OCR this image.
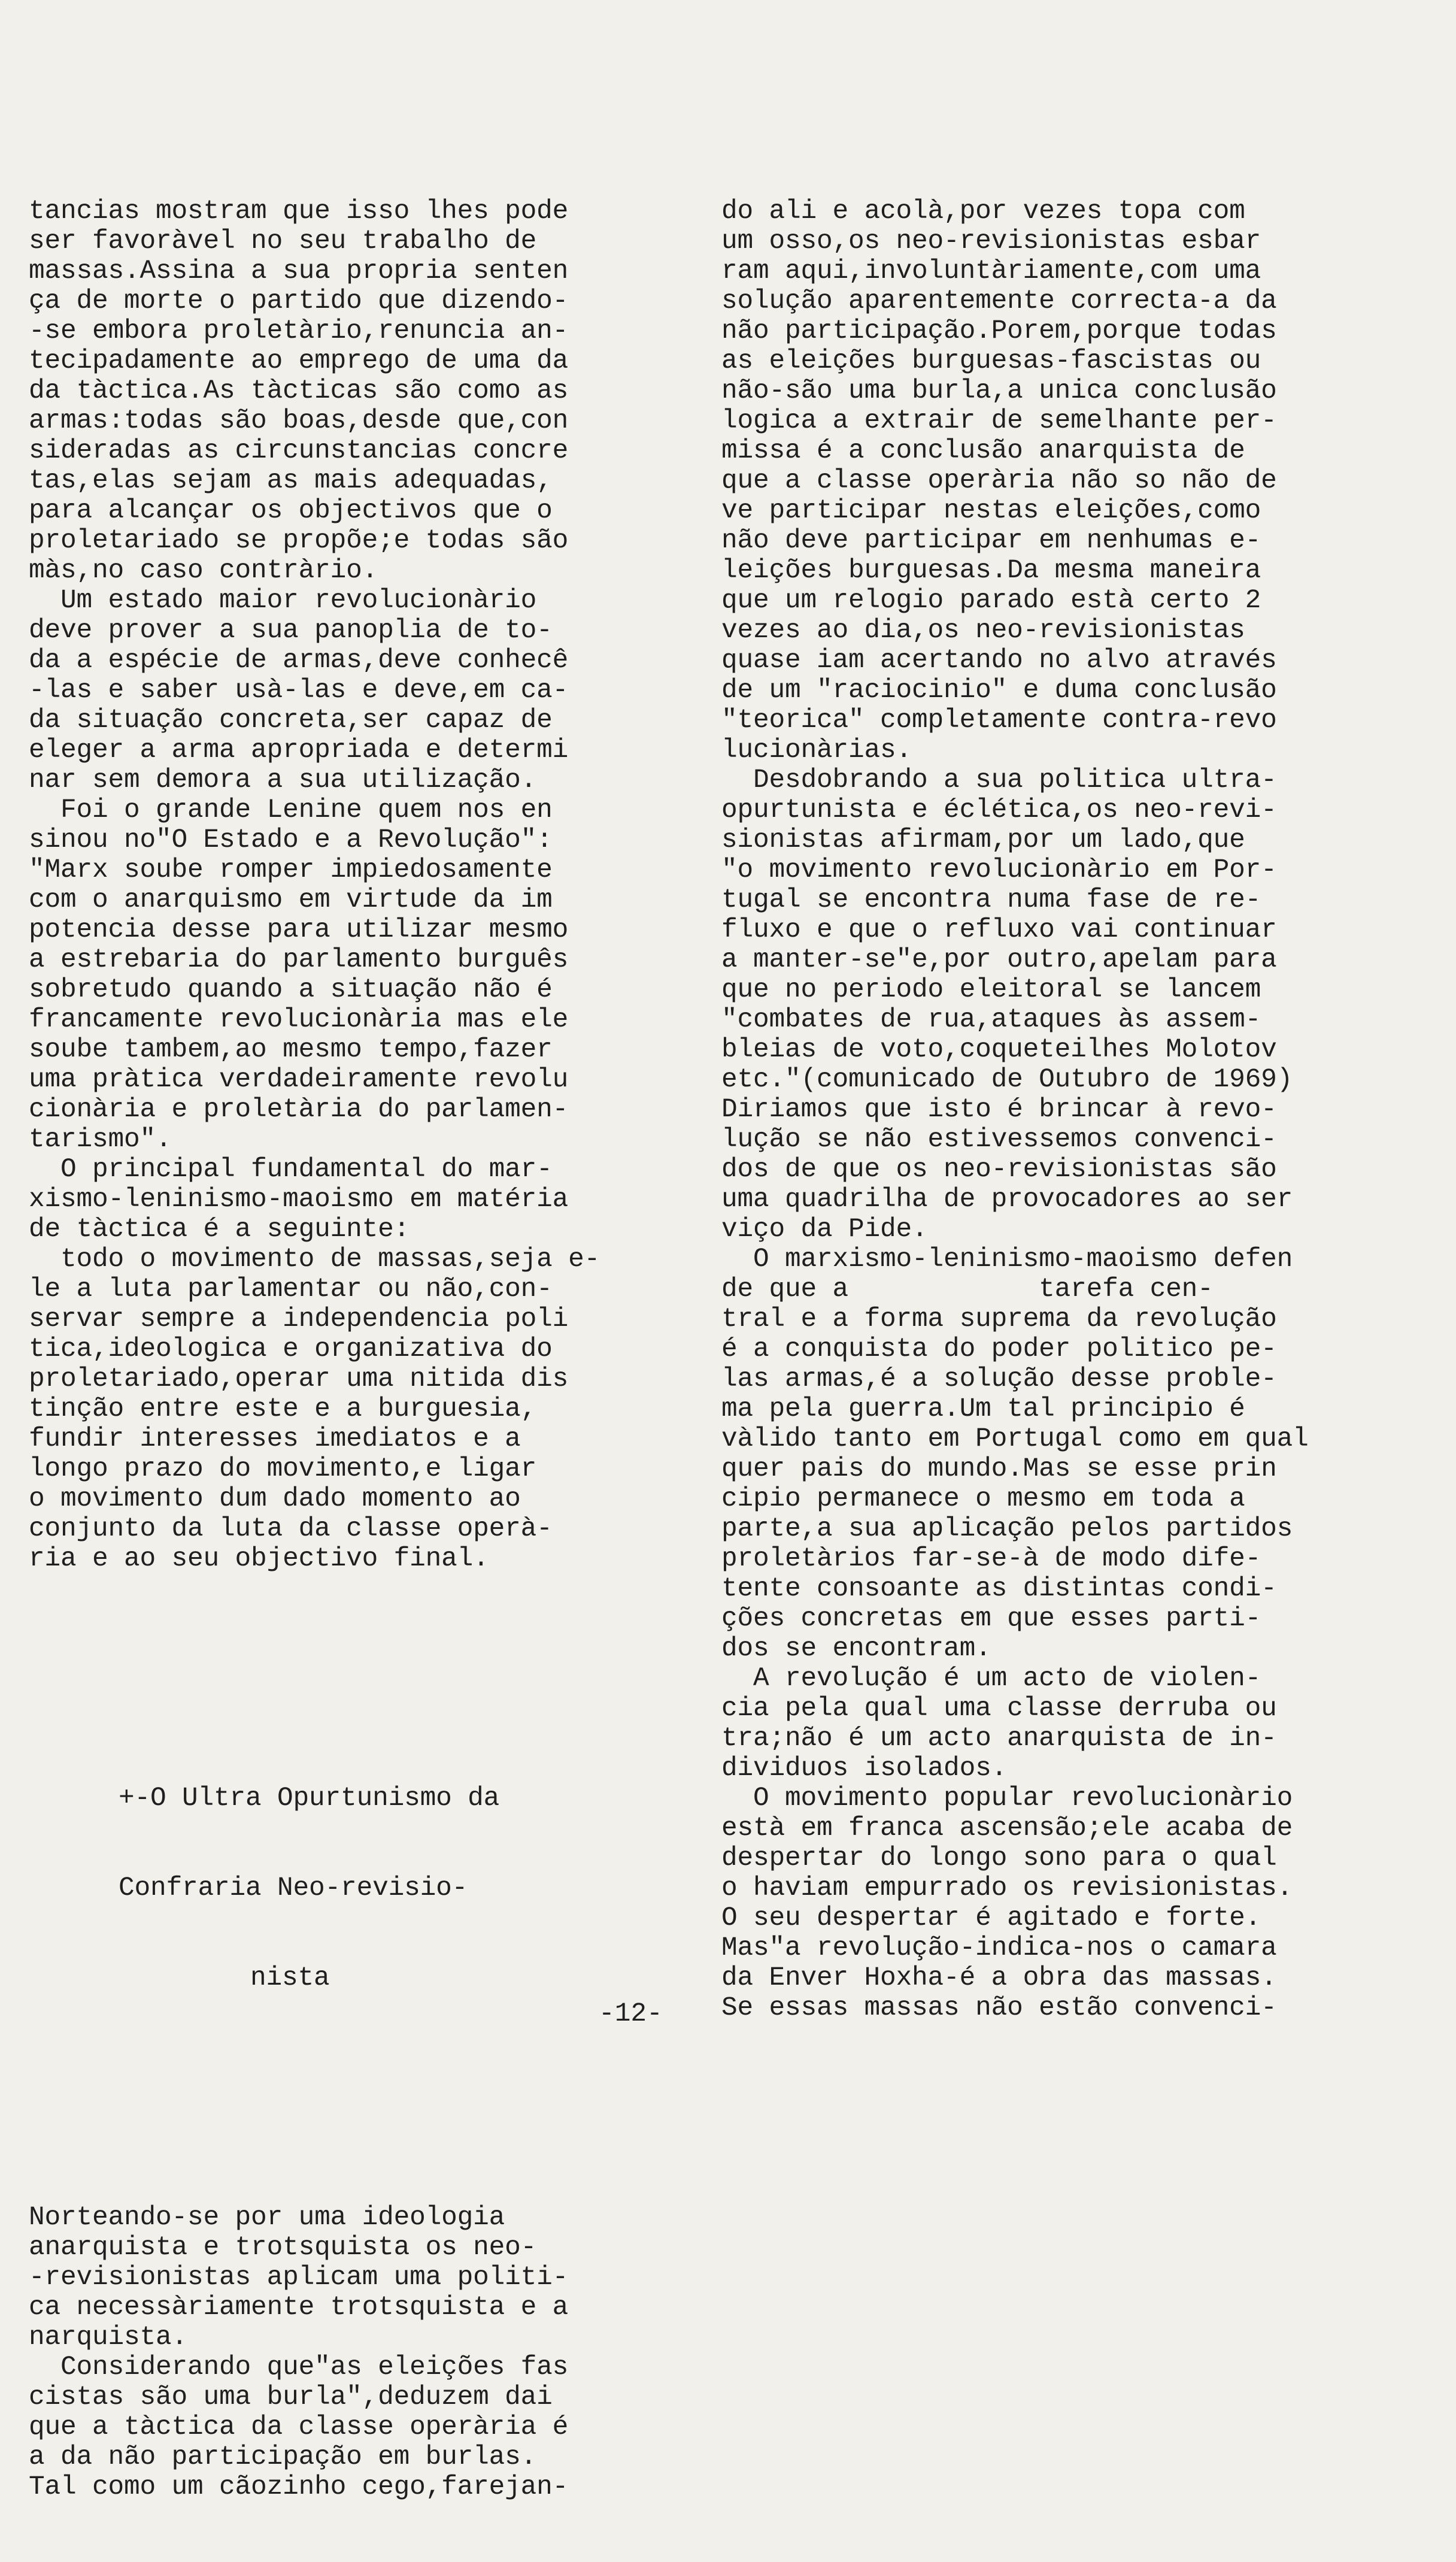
tancias mostram que isso lhes pode
ser favoràvel no seu trabalho de
massas.Assina a sua propria senten
ça de morte o partido que dizendo-
-se embora proletàrio,renuncia an-
tecipadamente ao emprego de uma da
da tàctica.As tàcticas são como as
armas:todas são boas,desde que,con
sideradas as circunstancias concre
tas,elas sejam as mais adequadas,
para alcançar os objectivos que o
proletariado se propõe;e todas são
màs,no caso contràrio.
Um estado maior revolucionàrio
deve prover a sua panoplia de to-
da a espécie de armas,deve conhecê
-las e saber usà-las e deve,em ca-
da situação concreta,ser capaz de
eleger a arma apropriada e determi
nar sem demora a sua utilização.
Foi o grande Lenine quem nos en
sinou no"O Estado e a Revolução":
"Marx soube romper impiedosamente
com o anarquismo em virtude da im
potencia desse para utilizar mesmo
a estrebaria do parlamento burguês
sobretudo quando a situação não é
francamente revolucionària mas ele
soube tambem,ao mesmo tempo,fazer
uma pràtica verdadeiramente revolu
cionària e proletària do parlamen-
tarismo".
O principal fundamental do mar-
xismo-leninismo-maoismo em matéria
de tàctica é a seguinte:
todo o movimento de massas,seja e-
le a luta parlamentar ou não,con-
servar sempre a independencia poli
tica,ideologica e organizativa do
proletariado,operar uma nitida dis
tinção entre este e a burguesia,
fundir interesses imediatos e a
longo prazo do movimento,e ligar
o movimento dum dado momento ao
conjunto da luta da classe operà-
ria e ao seu objectivo final.

+-O Ultra Opurtunismo da

Confraria Neo-revisio-

nista

Norteando-se por uma ideologia
anarquista e trotsquista os neo-
-revisionistas aplicam uma politi-
ca necessàriamente trotsquista e a
narquista.
Considerando que"as eleições fas
cistas são uma burla",deduzem dai
que a tàctica da classe operària é
a da não participação em burlas.
Tal como um cãozinho cego,farejan-

do ali e acolà,por vezes topa com
um osso,os neo-revisionistas esbar
ram aqui,involuntàriamente,com uma
solução aparentemente correcta-a da
não participação.Porem,porque todas
as eleições burguesas-fascistas ou
não-são uma burla,a unica conclusão
logica a extrair de semelhante per-
missa é a conclusão anarquista de
que a classe operària não so não de
ve participar nestas eleições,como
não deve participar em nenhumas e-
leições burguesas.Da mesma maneira
que um relogio parado està certo 2
vezes ao dia,os neo-revisionistas
quase iam acertando no alvo através
de um "raciocinio" e duma conclusão
"teorica" completamente contra-revo
lucionàrias.
Desdobrando a sua politica ultra-
opurtunista e éclética,os neo-revi-
sionistas afirmam,por um lado,que
"o movimento revolucionàrio em Por-
tugal se encontra numa fase de re-
fluxo e que o refluxo vai continuar
a manter-se"e,por outro,apelam para
que no periodo eleitoral se lancem
"combates de rua,ataques às assem-
bleias de voto,coqueteilhes Molotov
etc."(comunicado de Outubro de 1969)
Diriamos que isto é brincar à revo-
lução se não estivessemos convenci-
dos de que os neo-revisionistas são
uma quadrilha de provocadores ao ser
viço da Pide.
O marxismo-leninismo-maoismo defen
de que a            tarefa cen-
tral e a forma suprema da revolução
é a conquista do poder politico pe-
las armas,é a solução desse proble-
ma pela guerra.Um tal principio é
vàlido tanto em Portugal como em qual
quer pais do mundo.Mas se esse prin
cipio permanece o mesmo em toda a
parte,a sua aplicação pelos partidos
proletàrios far-se-à de modo dife-
tente consoante as distintas condi-
ções concretas em que esses parti-
dos se encontram.
A revolução é um acto de violen-
cia pela qual uma classe derruba ou
tra;não é um acto anarquista de in-
dividuos isolados.
O movimento popular revolucionàrio
està em franca ascensão;ele acaba de
despertar do longo sono para o qual
o haviam empurrado os revisionistas.
O seu despertar é agitado e forte.
Mas"a revolução-indica-nos o camara
da Enver Hoxha-é a obra das massas.
Se essas massas não estão convenci-

-12-
